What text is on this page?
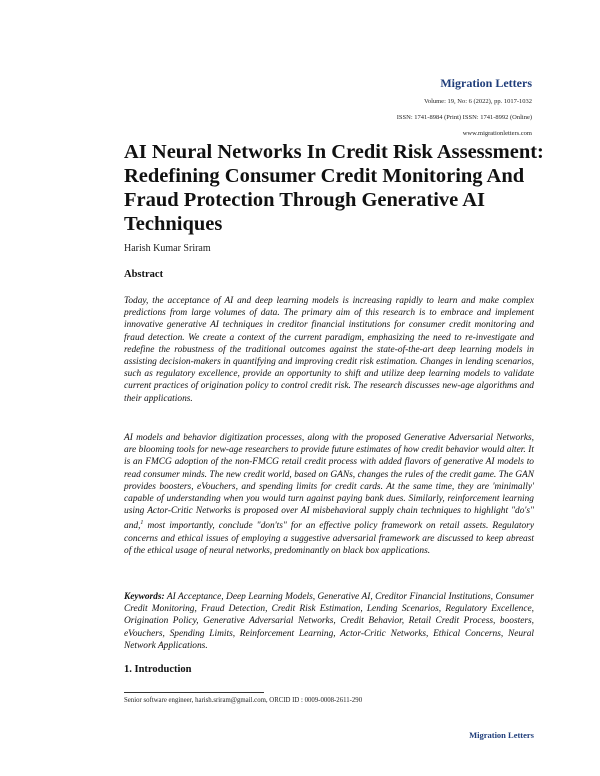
Migration Letters
Volume: 19, No: 6 (2022), pp. 1017-1032
ISSN: 1741-8984 (Print) ISSN: 1741-8992 (Online)
www.migrationletters.com
AI Neural Networks In Credit Risk Assessment: Redefining Consumer Credit Monitoring And Fraud Protection Through Generative AI Techniques
Harish Kumar Sriram
Abstract

Today, the acceptance of AI and deep learning models is increasing rapidly to learn and make complex predictions from large volumes of data. The primary aim of this research is to embrace and implement innovative generative AI techniques in creditor financial institutions for consumer credit monitoring and fraud detection. We create a context of the current paradigm, emphasizing the need to re-investigate and redefine the robustness of the traditional outcomes against the state-of-the-art deep learning models in assisting decision-makers in quantifying and improving credit risk estimation. Changes in lending scenarios, such as regulatory excellence, provide an opportunity to shift and utilize deep learning models to validate current practices of origination policy to control credit risk. The research discusses new-age algorithms and their applications.

AI models and behavior digitization processes, along with the proposed Generative Adversarial Networks, are blooming tools for new-age researchers to provide future estimates of how credit behavior would alter. It is an FMCG adoption of the non-FMCG retail credit process with added flavors of generative AI models to read consumer minds. The new credit world, based on GANs, changes the rules of the credit game. The GAN provides boosters, eVouchers, and spending limits for credit cards. At the same time, they are 'minimally' capable of understanding when you would turn against paying bank dues. Similarly, reinforcement learning using Actor-Critic Networks is proposed over AI misbehavioral supply chain techniques to highlight "do's" and,$^1$ most importantly, conclude "don'ts" for an effective policy framework on retail assets. Regulatory concerns and ethical issues of employing a suggestive adversarial framework are discussed to keep abreast of the ethical usage of neural networks, predominantly on black box applications.

Keywords: AI Acceptance, Deep Learning Models, Generative AI, Creditor Financial Institutions, Consumer Credit Monitoring, Fraud Detection, Credit Risk Estimation, Lending Scenarios, Regulatory Excellence, Origination Policy, Generative Adversarial Networks, Credit Behavior, Retail Credit Process, boosters, eVouchers, Spending Limits, Reinforcement Learning, Actor-Critic Networks, Ethical Concerns, Neural Network Applications.

1. Introduction
Senior software engineer, harish.sriram@gmail.com, ORCID ID : 0009-0008-2611-290
Migration Letters
